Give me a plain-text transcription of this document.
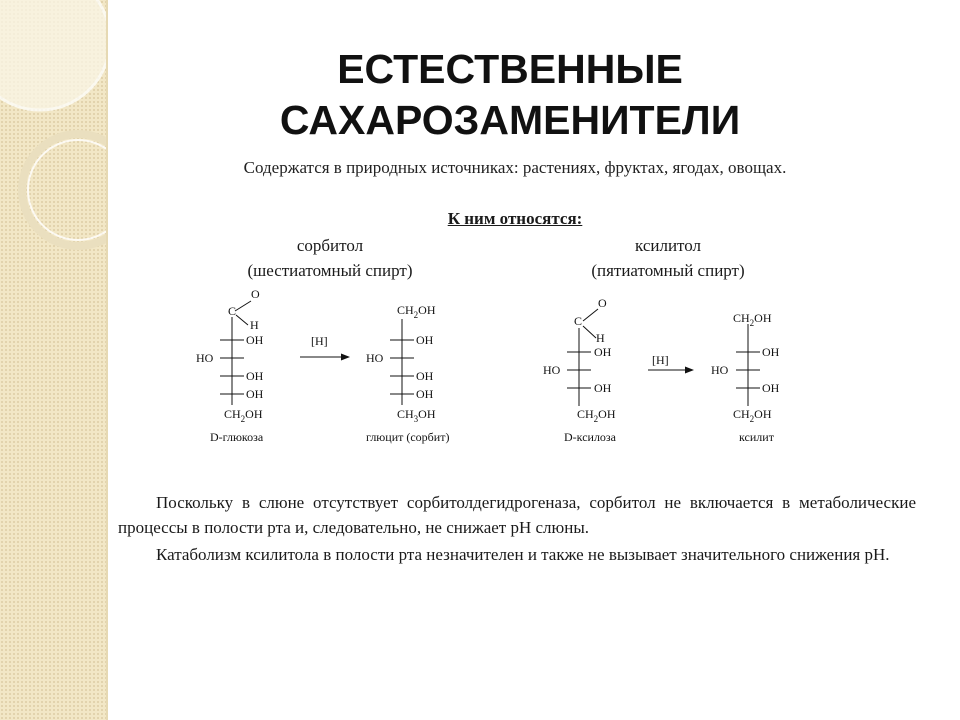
ЕСТЕСТВЕННЫЕ
САХАРОЗАМЕНИТЕЛИ
Содержатся в природных источниках: растениях, фруктах, ягодах, овощах.
К ним относятся:
сорбитол
(шестиатомный спирт)
ксилитол
(пятиатомный спирт)
C
O
H
OH
HO
OH
OH
$CH_2OH$
D-глюкоза
[H]
$CH_2OH$
OH
HO
OH
OH
$CH_3OH$
глюцит (сорбит)
C
O
H
OH
HO
OH
$CH_2OH$
D-ксилоза
[H]
$CH_2OH$
OH
HO
OH
$CH_2OH$
ксилит
Поскольку в слюне отсутствует сорбитолдегидрогеназа, сорбитол не включается в метаболические процессы в полости рта и, следовательно, не снижает рН слюны.
Катаболизм ксилитола в полости рта незначителен и также не вызывает значительного снижения рН.
